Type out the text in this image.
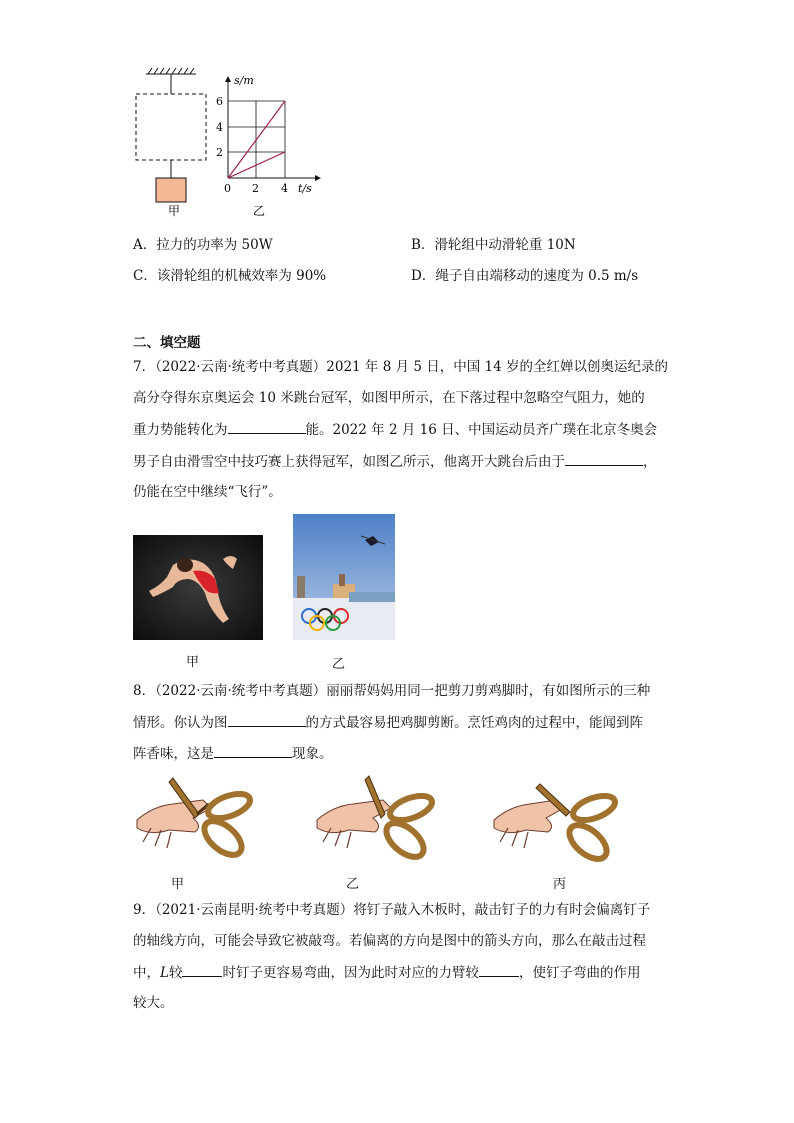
s/m
6
4
2
0 2 4 t/s
甲	乙
A．拉力的功率为 50W	B．滑轮组中动滑轮重 10N
C．该滑轮组的机械效率为 90%	D．绳子自由端移动的速度为 0.5 m/s
二、填空题
7．（2022·云南·统考中考真题）2021 年 8 月 5 日，中国 14 岁的全红婵以创奥运纪录的
高分夺得东京奥运会 10 米跳台冠军，如图甲所示，在下落过程中忽略空气阻力，她的
重力势能转化为	能。2022 年 2 月 16 日、中国运动员齐广璞在北京冬奥会
男子自由滑雪空中技巧赛上获得冠军，如图乙所示，他离开大跳台后由于	，
仍能在空中继续“飞行”。
甲	乙
8．（2022·云南·统考中考真题）丽丽帮妈妈用同一把剪刀剪鸡脚时，有如图所示的三种
情形。你认为图	的方式最容易把鸡脚剪断。烹饪鸡肉的过程中，能闻到阵
阵香味，这是	现象。
甲	乙	丙
9．（2021·云南昆明·统考中考真题）将钉子敲入木板时，敲击钉子的力有时会偏离钉子
的轴线方向，可能会导致它被敲弯。若偏离的方向是图中的箭头方向，那么在敲击过程
中，L较	时钉子更容易弯曲，因为此时对应的力臂较	，使钉子弯曲的作用
较大。
